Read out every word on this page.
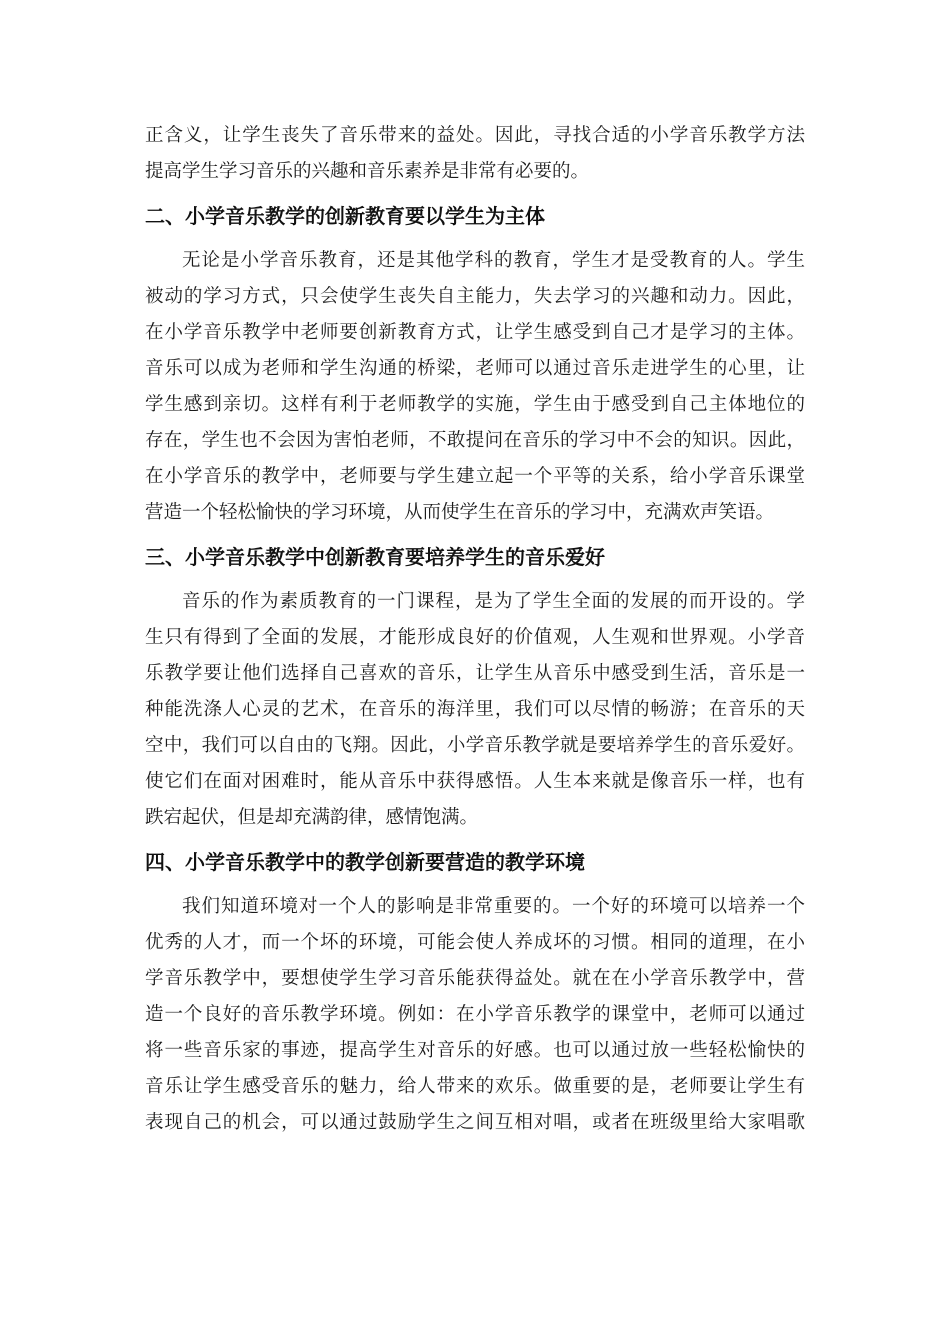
正含义，让学生丧失了音乐带来的益处。因此，寻找合适的小学音乐教学方法
提高学生学习音乐的兴趣和音乐素养是非常有必要的。
二、小学音乐教学的创新教育要以学生为主体
无论是小学音乐教育，还是其他学科的教育，学生才是受教育的人。学生
被动的学习方式，只会使学生丧失自主能力，失去学习的兴趣和动力。因此，
在小学音乐教学中老师要创新教育方式，让学生感受到自己才是学习的主体。
音乐可以成为老师和学生沟通的桥梁，老师可以通过音乐走进学生的心里，让
学生感到亲切。这样有利于老师教学的实施，学生由于感受到自己主体地位的
存在，学生也不会因为害怕老师，不敢提问在音乐的学习中不会的知识。因此，
在小学音乐的教学中，老师要与学生建立起一个平等的关系，给小学音乐课堂
营造一个轻松愉快的学习环境，从而使学生在音乐的学习中，充满欢声笑语。
三、小学音乐教学中创新教育要培养学生的音乐爱好
音乐的作为素质教育的一门课程，是为了学生全面的发展的而开设的。学
生只有得到了全面的发展，才能形成良好的价值观，人生观和世界观。小学音
乐教学要让他们选择自己喜欢的音乐，让学生从音乐中感受到生活，音乐是一
种能洗涤人心灵的艺术，在音乐的海洋里，我们可以尽情的畅游；在音乐的天
空中，我们可以自由的飞翔。因此，小学音乐教学就是要培养学生的音乐爱好。
使它们在面对困难时，能从音乐中获得感悟。人生本来就是像音乐一样，也有
跌宕起伏，但是却充满韵律，感情饱满。
四、小学音乐教学中的教学创新要营造的教学环境
我们知道环境对一个人的影响是非常重要的。一个好的环境可以培养一个
优秀的人才，而一个坏的环境，可能会使人养成坏的习惯。相同的道理，在小
学音乐教学中，要想使学生学习音乐能获得益处。就在在小学音乐教学中，营
造一个良好的音乐教学环境。例如：在小学音乐教学的课堂中，老师可以通过
将一些音乐家的事迹，提高学生对音乐的好感。也可以通过放一些轻松愉快的
音乐让学生感受音乐的魅力，给人带来的欢乐。做重要的是，老师要让学生有
表现自己的机会，可以通过鼓励学生之间互相对唱，或者在班级里给大家唱歌
